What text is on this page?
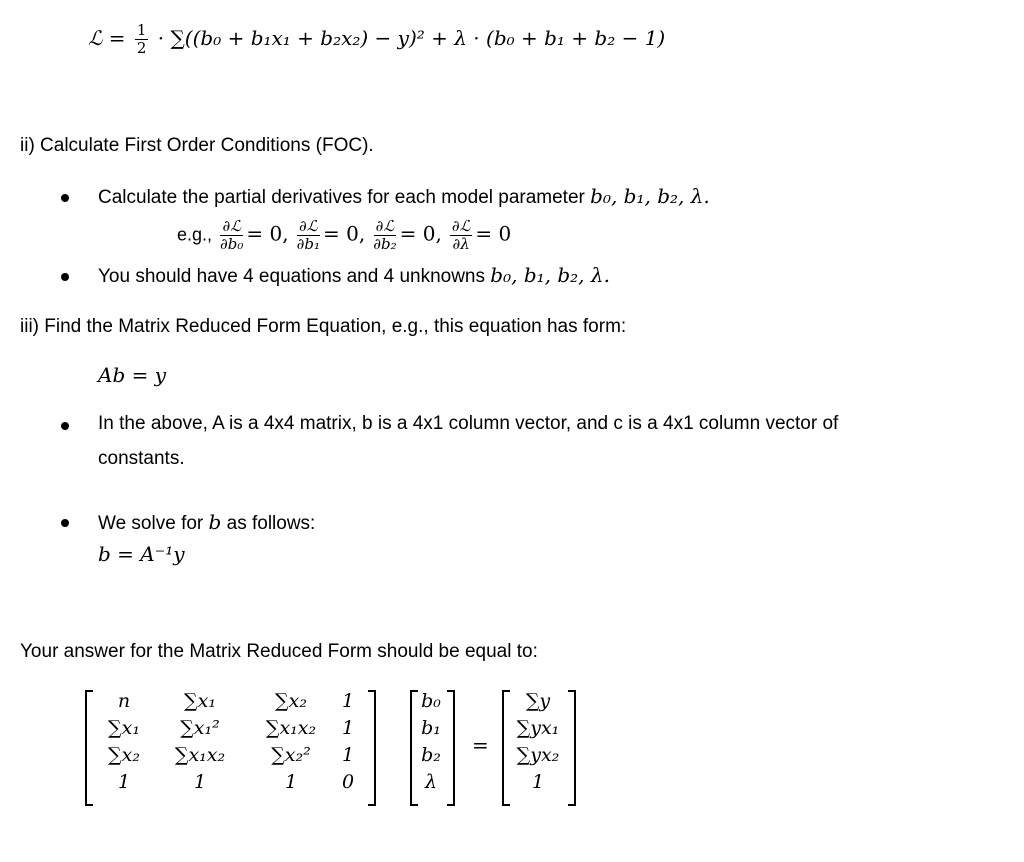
ℒ = $\frac{1}{2} \cdot \sum((b_0 + b_1x_1 + b_2x_2) - y)^2 + \lambda \cdot (b_0 + b_1 + b_2 - 1)$
ii) Calculate First Order Conditions (FOC).
Calculate the partial derivatives for each model parameter b₀, b₁, b₂, λ.
e.g., $\frac{\text{∂ℒ}}{\text{∂b₀}} = 0$, $\frac{\text{∂ℒ}}{\text{∂b₁}} = 0$, $\frac{\text{∂ℒ}}{\text{∂b₂}} = 0$, $\frac{\text{∂ℒ}}{\partial\lambda} = 0$
You should have 4 equations and 4 unknowns b₀, b₁, b₂, λ.
iii) Find the Matrix Reduced Form Equation, e.g., this equation has form:
Ab = y
In the above, A is a 4x4 matrix, b is a 4x1 column vector, and c is a 4x1 column vector of
constants.
We solve for b as follows:
b = A⁻¹y
Your answer for the Matrix Reduced Form should be equal to:
n	∑x₁	∑x₂	1
∑x₁	∑x₁²	∑x₁x₂	1
∑x₂	∑x₁x₂	∑x₂²	1
1	1	1	0
b₀
b₁
b₂
λ
=
∑y
∑yx₁
∑yx₂
1
